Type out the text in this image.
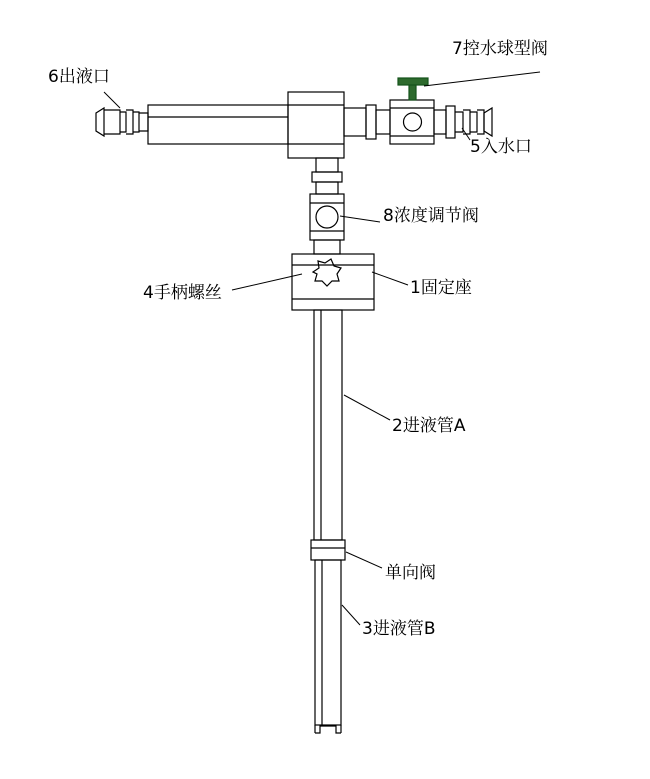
6出液口
7控水球型阀
5入水口
8浓度调节阀
4手柄螺丝	1固定座
2进液管A
单向阀
3进液管B
